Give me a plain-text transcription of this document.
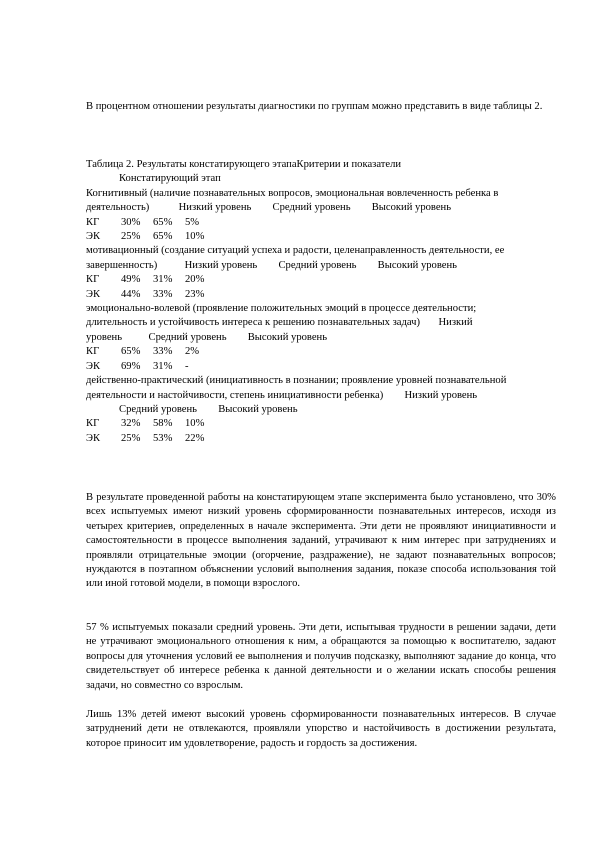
В процентном отношении результаты диагностики по группам можно представить в виде таблицы 2.

Таблица 2. Результаты констатирующего этапаКритерии и показатели
Констатирующий этап
Когнитивный (наличие познавательных вопросов, эмоциональная вовлеченность ребенка в
деятельность)	Низкий уровень        Средний уровень        Высокий уровень
КГ 30% 65% 5%
ЭК 25% 65% 10%
мотивационный (создание ситуаций успеха и радости, целенаправленность деятельности, ее
завершенность)	Низкий уровень        Средний уровень        Высокий уровень
КГ 49% 31% 20%
ЭК 44% 33% 23%
эмоционально-волевой (проявление положительных эмоций в процессе деятельности;
длительность и устойчивость интереса к решению познавательных задач)       Низкий
уровень          Средний уровень        Высокий уровень
КГ 65% 33% 2%
ЭК 69% 31% -
действенно-практический (инициативность в познании; проявление уровней познавательной
деятельности и настойчивости, степень инициативности ребенка)        Низкий уровень
Средний уровень        Высокий уровень
КГ 32% 58% 10%
ЭК 25% 53% 22%

В результате проведенной работы на констатирующем этапе эксперимента было установлено, что 30% всех испытуемых имеют низкий уровень сформированности познавательных интересов, исходя из четырех критериев, определенных в начале эксперимента. Эти дети не проявляют инициативности и самостоятельности в процессе выполнения заданий, утрачивают к ним интерес при затруднениях и проявляли отрицательные эмоции (огорчение, раздражение), не задают познавательных вопросов; нуждаются в поэтапном объяснении условий выполнения задания, показе способа использования той или иной готовой модели, в помощи взрослого.

57 % испытуемых показали средний уровень. Эти дети, испытывая трудности в решении задачи, дети не утрачивают эмоционального отношения к ним, а обращаются за помощью к воспитателю, задают вопросы для уточнения условий ее выполнения и получив подсказку, выполняют задание до конца, что свидетельствует об интересе ребенка к данной деятельности и о желании искать способы решения задачи, но совместно со взрослым.

Лишь 13% детей имеют высокий уровень сформированности познавательных интересов. В случае затруднений дети не отвлекаются, проявляли упорство и настойчивость в достижении результата, которое приносит им удовлетворение, радость и гордость за достижения.
